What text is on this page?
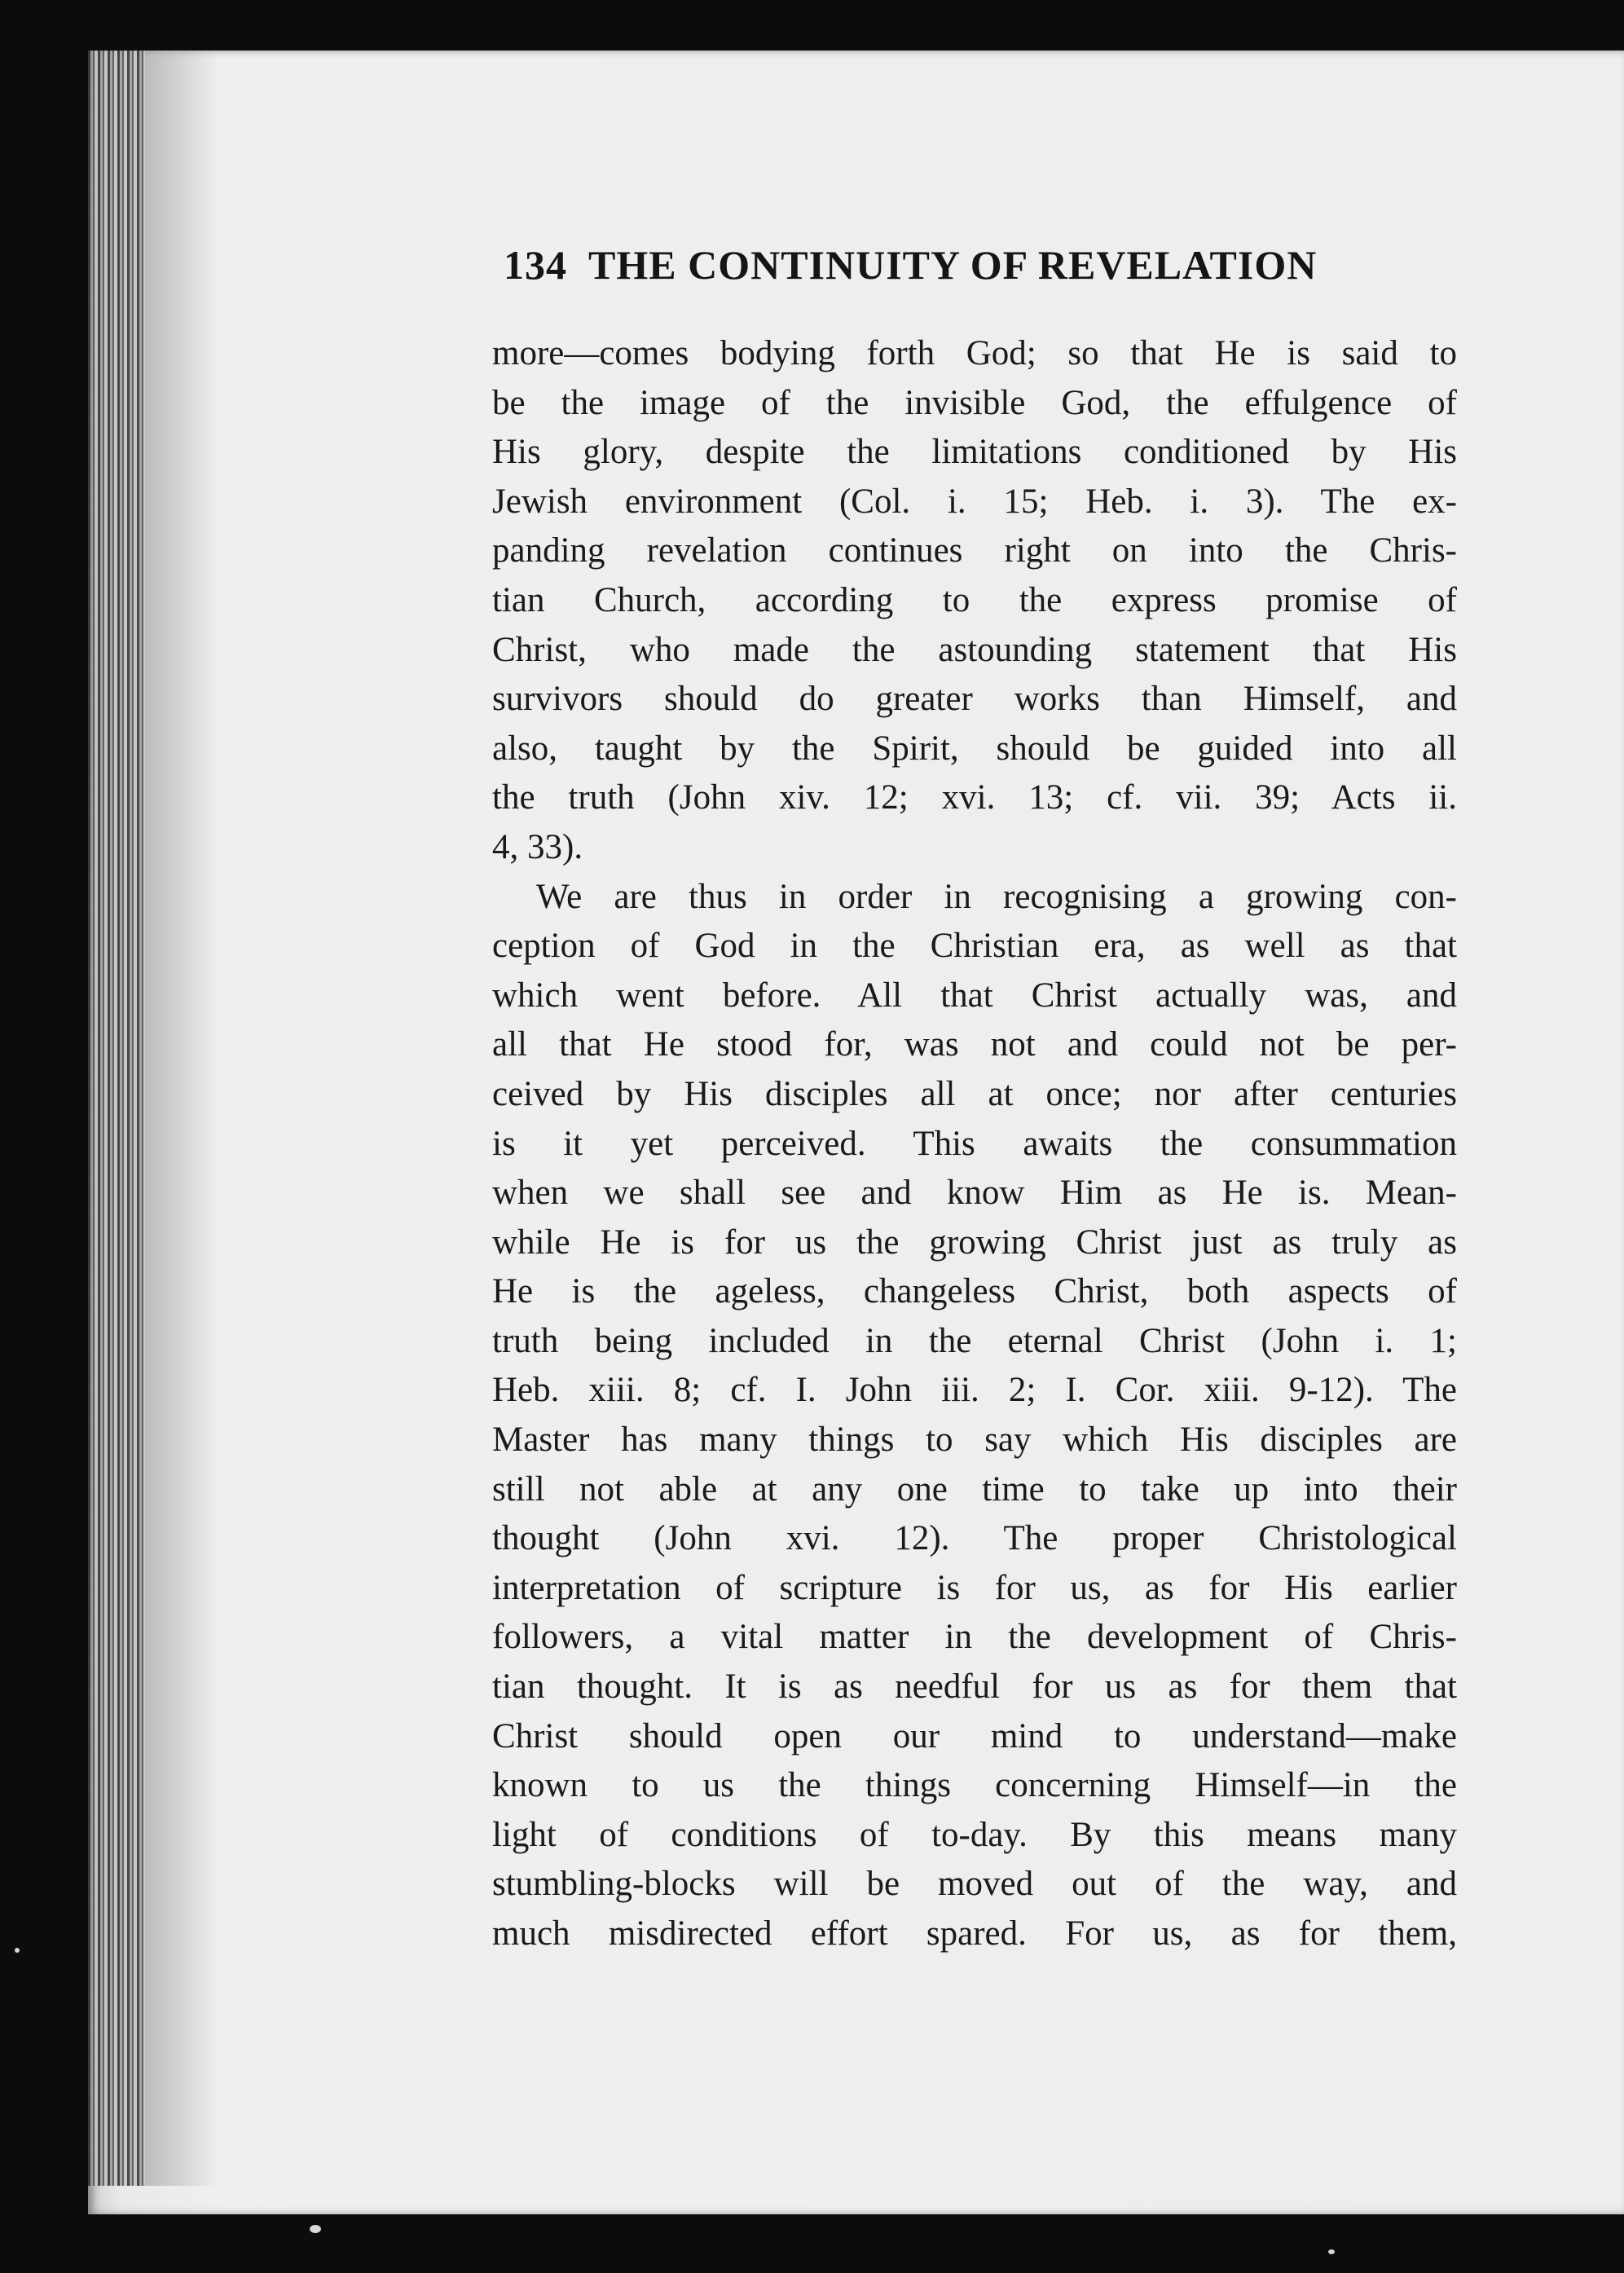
134 THE CONTINUITY OF REVELATION
more—comes bodying forth God; so that He is said to
be the image of the invisible God, the effulgence of
His glory, despite the limitations conditioned by His
Jewish environment (Col. i. 15; Heb. i. 3). The ex-
panding revelation continues right on into the Chris-
tian Church, according to the express promise of
Christ, who made the astounding statement that His
survivors should do greater works than Himself, and
also, taught by the Spirit, should be guided into all
the truth (John xiv. 12; xvi. 13; cf. vii. 39; Acts ii.
4, 33).
We are thus in order in recognising a growing con-
ception of God in the Christian era, as well as that
which went before. All that Christ actually was, and
all that He stood for, was not and could not be per-
ceived by His disciples all at once; nor after centuries
is it yet perceived. This awaits the consummation
when we shall see and know Him as He is. Mean-
while He is for us the growing Christ just as truly as
He is the ageless, changeless Christ, both aspects of
truth being included in the eternal Christ (John i. 1;
Heb. xiii. 8; cf. I. John iii. 2; I. Cor. xiii. 9-12). The
Master has many things to say which His disciples are
still not able at any one time to take up into their
thought (John xvi. 12). The proper Christological
interpretation of scripture is for us, as for His earlier
followers, a vital matter in the development of Chris-
tian thought. It is as needful for us as for them that
Christ should open our mind to understand—make
known to us the things concerning Himself—in the
light of conditions of to-day. By this means many
stumbling-blocks will be moved out of the way, and
much misdirected effort spared. For us, as for them,
